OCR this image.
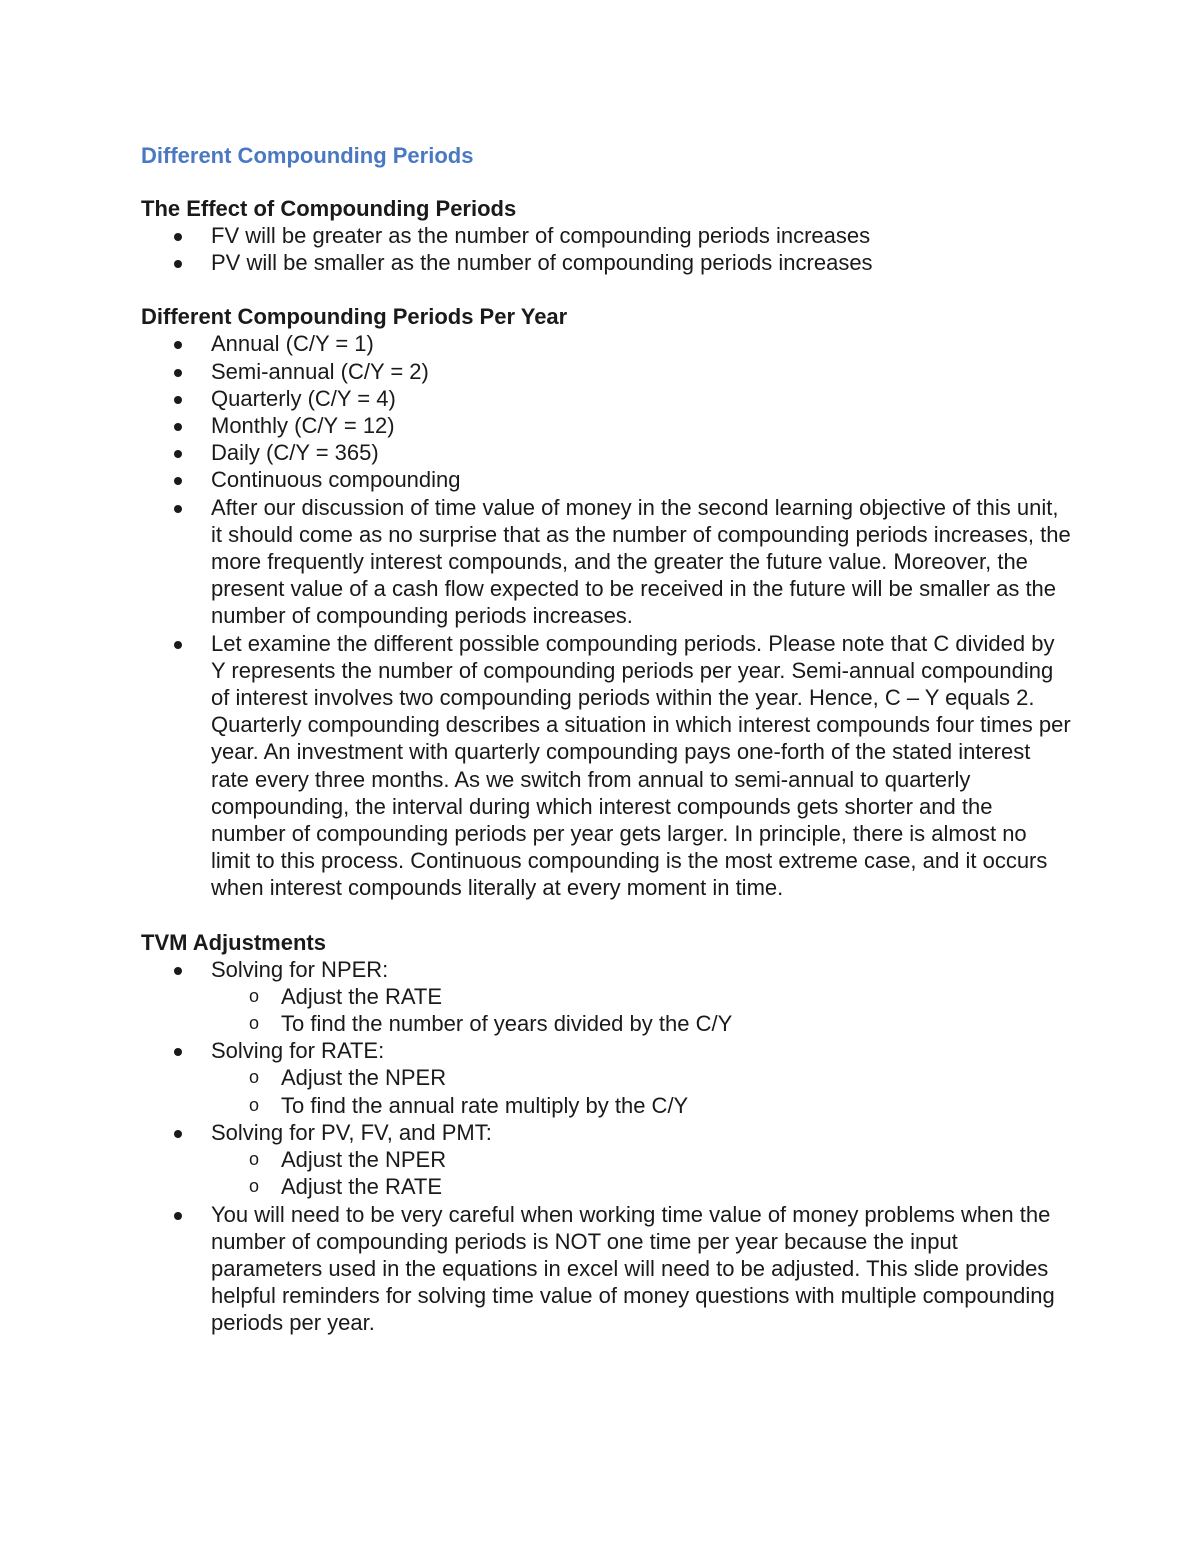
Different Compounding Periods
The Effect of Compounding Periods
FV will be greater as the number of compounding periods increases
PV will be smaller as the number of compounding periods increases
Different Compounding Periods Per Year
Annual (C/Y = 1)
Semi-annual (C/Y = 2)
Quarterly (C/Y = 4)
Monthly (C/Y = 12)
Daily (C/Y = 365)
Continuous compounding
After our discussion of time value of money in the second learning objective of this unit, it should come as no surprise that as the number of compounding periods increases, the more frequently interest compounds, and the greater the future value. Moreover, the present value of a cash flow expected to be received in the future will be smaller as the number of compounding periods increases.
Let examine the different possible compounding periods. Please note that C divided by Y represents the number of compounding periods per year. Semi-annual compounding of interest involves two compounding periods within the year. Hence, C – Y equals 2. Quarterly compounding describes a situation in which interest compounds four times per year. An investment with quarterly compounding pays one-forth of the stated interest rate every three months. As we switch from annual to semi-annual to quarterly compounding, the interval during which interest compounds gets shorter and the number of compounding periods per year gets larger. In principle, there is almost no limit to this process. Continuous compounding is the most extreme case, and it occurs when interest compounds literally at every moment in time.
TVM Adjustments
Solving for NPER:
o Adjust the RATE
o To find the number of years divided by the C/Y
Solving for RATE:
o Adjust the NPER
o To find the annual rate multiply by the C/Y
Solving for PV, FV, and PMT:
o Adjust the NPER
o Adjust the RATE
You will need to be very careful when working time value of money problems when the number of compounding periods is NOT one time per year because the input parameters used in the equations in excel will need to be adjusted. This slide provides helpful reminders for solving time value of money questions with multiple compounding periods per year.
